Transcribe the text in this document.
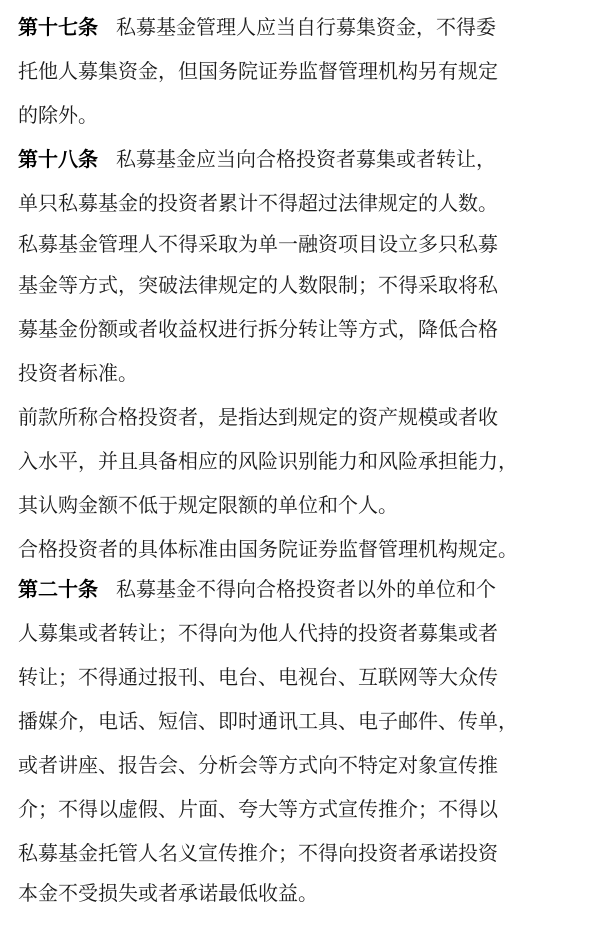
第十七条 私募基金管理人应当自行募集资金，不得委
托他人募集资金，但国务院证券监督管理机构另有规定
的除外。
第十八条 私募基金应当向合格投资者募集或者转让，
单只私募基金的投资者累计不得超过法律规定的人数。
私募基金管理人不得采取为单一融资项目设立多只私募
基金等方式，突破法律规定的人数限制；不得采取将私
募基金份额或者收益权进行拆分转让等方式，降低合格
投资者标准。
前款所称合格投资者，是指达到规定的资产规模或者收
入水平，并且具备相应的风险识别能力和风险承担能力，
其认购金额不低于规定限额的单位和个人。
合格投资者的具体标准由国务院证券监督管理机构规定。
第二十条 私募基金不得向合格投资者以外的单位和个
人募集或者转让；不得向为他人代持的投资者募集或者
转让；不得通过报刊、电台、电视台、互联网等大众传
播媒介，电话、短信、即时通讯工具、电子邮件、传单，
或者讲座、报告会、分析会等方式向不特定对象宣传推
介；不得以虚假、片面、夸大等方式宣传推介；不得以
私募基金托管人名义宣传推介；不得向投资者承诺投资
本金不受损失或者承诺最低收益。
